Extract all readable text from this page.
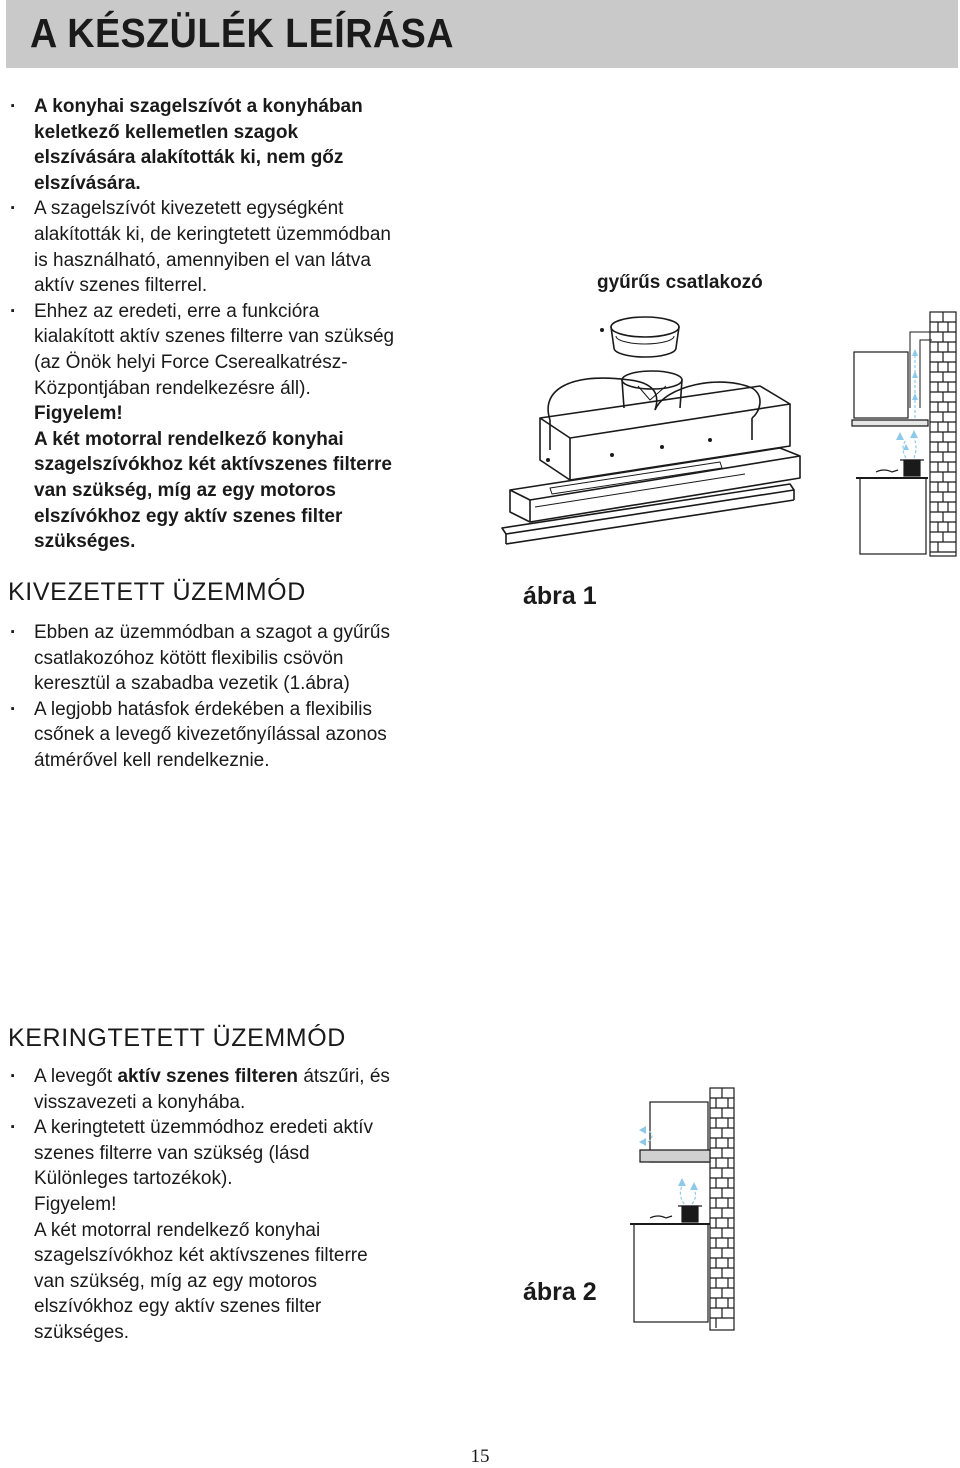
A KÉSZÜLÉK LEÍRÁSA
· A konyhai szagelszívót a konyhában
keletkező kellemetlen szagok
elszívására alakították ki, nem gőz
elszívására.
· A szagelszívót kivezetett egységként
alakították ki, de keringtetett üzemmódban
is használható, amennyiben el van látva
aktív szenes filterrel.
· Ehhez az eredeti, erre a funkcióra
kialakított aktív szenes filterre van szükség
(az Önök helyi Force Cserealkatrész-
Központjában rendelkezésre áll).
Figyelem!
A két motorral rendelkező konyhai
szagelszívókhoz két aktívszenes filterre
van szükség, míg az egy motoros
elszívókhoz egy aktív szenes filter
szükséges.
gyűrűs csatlakozó
ábra 1
KIVEZETETT ÜZEMMÓD
· Ebben az üzemmódban a szagot a gyűrűs
csatlakozóhoz kötött flexibilis csövön
keresztül a szabadba vezetik (1.ábra)
· A legjobb hatásfok érdekében a flexibilis
csőnek a levegő kivezetőnyílással azonos
átmérővel kell rendelkeznie.
KERINGTETETT ÜZEMMÓD
· A levegőt aktív szenes filteren átszűri, és
visszavezeti a konyhába.
· A keringtetett üzemmódhoz eredeti aktív
szenes filterre van szükség (lásd
Különleges tartozékok).
Figyelem!
A két motorral rendelkező konyhai
szagelszívókhoz két aktívszenes filterre
van szükség, míg az egy motoros
elszívókhoz egy aktív szenes filter
szükséges.
ábra 2
15
